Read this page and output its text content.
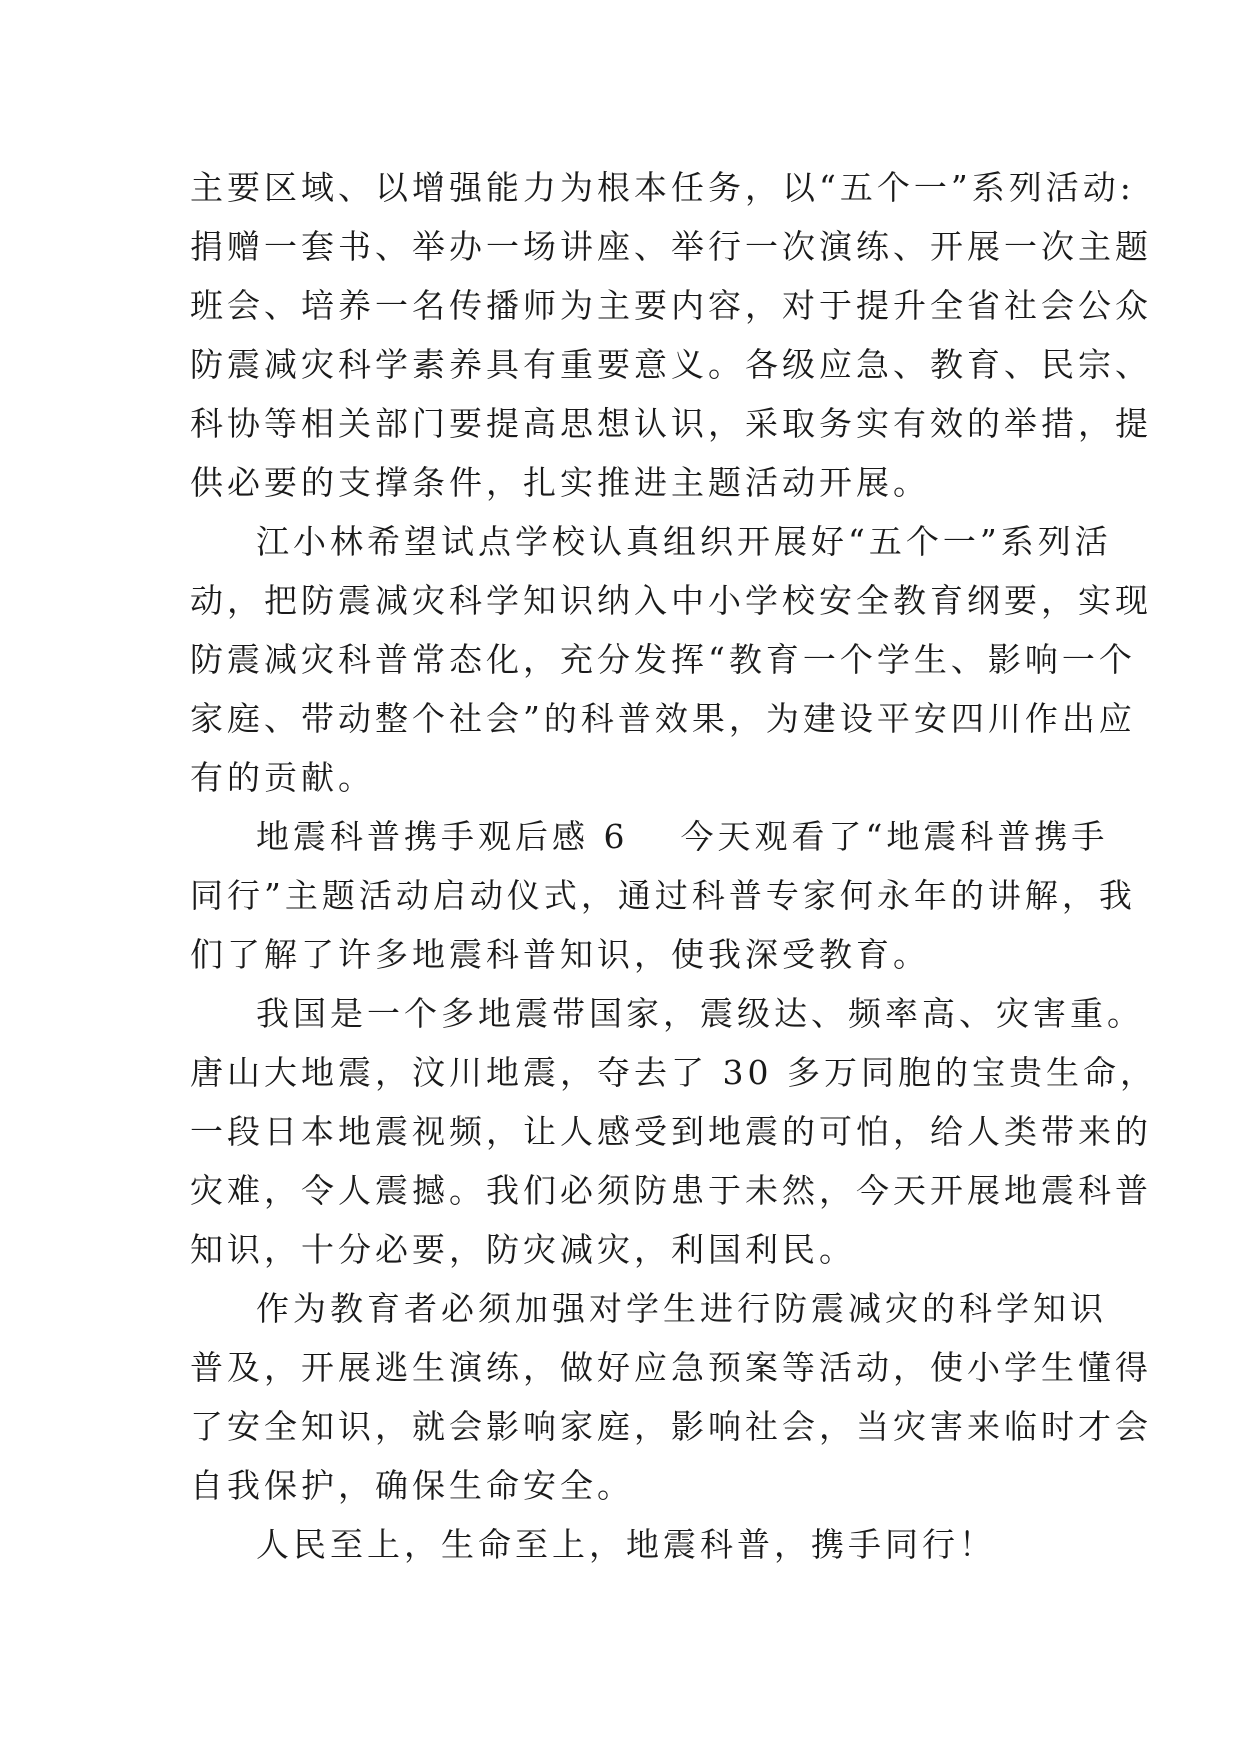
主要区域、以增强能力为根本任务，以“五个一”系列活动:
捐赠一套书、举办一场讲座、举行一次演练、开展一次主题
班会、培养一名传播师为主要内容，对于提升全省社会公众
防震减灾科学素养具有重要意义。各级应急、教育、民宗、
科协等相关部门要提高思想认识，采取务实有效的举措，提
供必要的支撑条件，扎实推进主题活动开展。
江小林希望试点学校认真组织开展好“五个一”系列活
动，把防震减灾科学知识纳入中小学校安全教育纲要，实现
防震减灾科普常态化，充分发挥“教育一个学生、影响一个
家庭、带动整个社会”的科普效果，为建设平安四川作出应
有的贡献。
地震科普携手观后感 6 今天观看了“地震科普携手
同行”主题活动启动仪式，通过科普专家何永年的讲解，我
们了解了许多地震科普知识，使我深受教育。
我国是一个多地震带国家，震级达、频率高、灾害重。
唐山大地震，汶川地震，夺去了 30 多万同胞的宝贵生命，
一段日本地震视频，让人感受到地震的可怕，给人类带来的
灾难，令人震撼。我们必须防患于未然，今天开展地震科普
知识，十分必要，防灾减灾，利国利民。
作为教育者必须加强对学生进行防震减灾的科学知识
普及，开展逃生演练，做好应急预案等活动，使小学生懂得
了安全知识，就会影响家庭，影响社会，当灾害来临时才会
自我保护，确保生命安全。
人民至上，生命至上，地震科普，携手同行！
